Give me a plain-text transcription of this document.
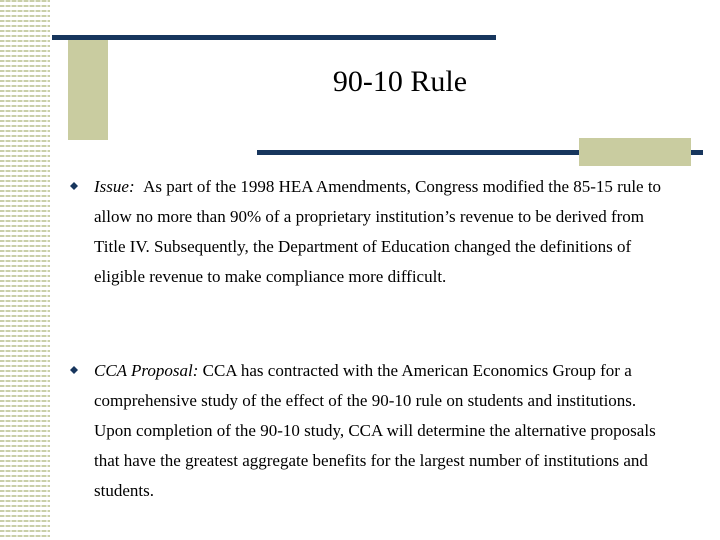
90-10 Rule
Issue: As part of the 1998 HEA Amendments, Congress modified the 85-15 rule to allow no more than 90% of a proprietary institution’s revenue to be derived from Title IV. Subsequently, the Department of Education changed the definitions of eligible revenue to make compliance more difficult.
CCA Proposal: CCA has contracted with the American Economics Group for a comprehensive study of the effect of the 90-10 rule on students and institutions. Upon completion of the 90-10 study, CCA will determine the alternative proposals that have the greatest aggregate benefits for the largest number of institutions and students.
